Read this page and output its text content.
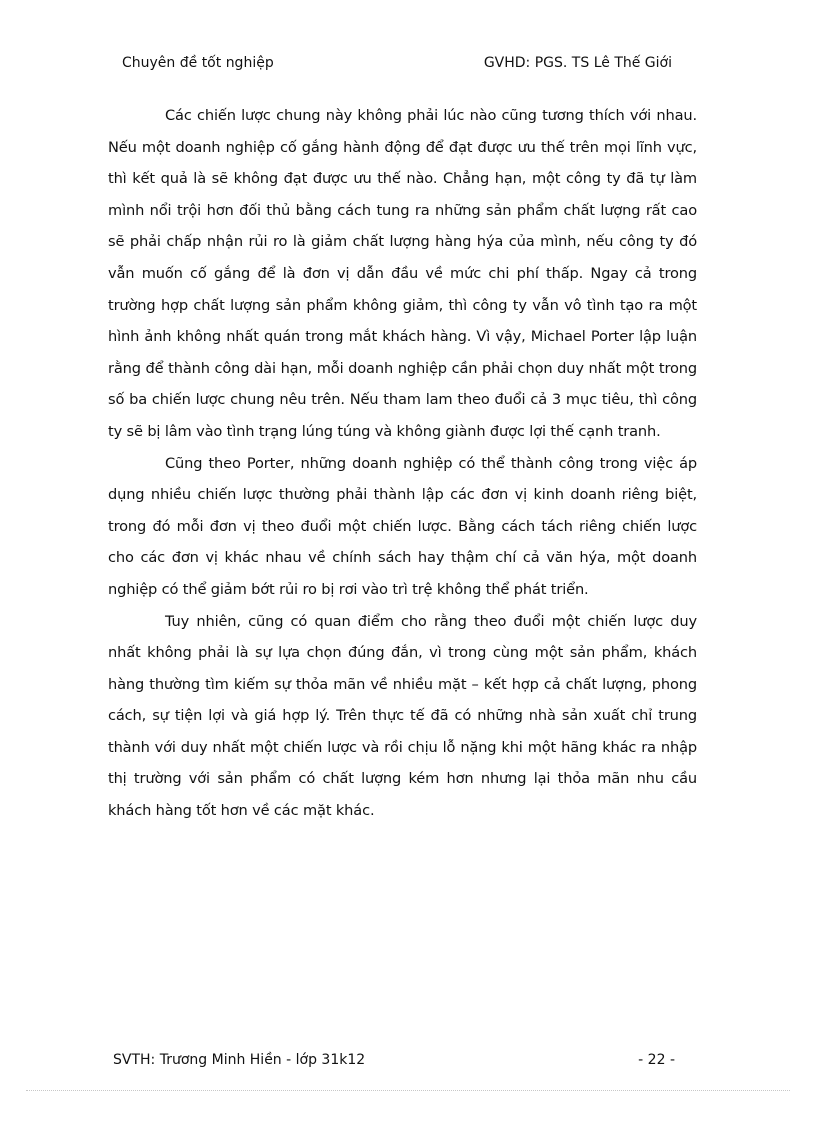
Chuyên đề tốt nghiệp	GVHD: PGS. TS Lê Thế Giới

Các chiến lược chung này không phải lúc nào cũng tương thích với nhau. Nếu một doanh nghiệp cố gắng hành động để đạt được ưu thế trên mọi lĩnh vực, thì kết quả là sẽ không đạt được ưu thế nào. Chẳng hạn, một công ty đã tự làm mình nổi trội hơn đối thủ bằng cách tung ra những sản phẩm chất lượng rất cao sẽ phải chấp nhận rủi ro là giảm chất lượng hàng hýa của mình, nếu công ty đó vẫn muốn cố gắng để là đơn vị dẫn đầu về mức chi phí thấp. Ngay cả trong trường hợp chất lượng sản phẩm không giảm, thì công ty vẫn vô tình tạo ra một hình ảnh không nhất quán trong mắt khách hàng. Vì vậy, Michael Porter lập luận rằng để thành công dài hạn, mỗi doanh nghiệp cần phải chọn duy nhất một trong số ba chiến lược chung nêu trên. Nếu tham lam theo đuổi cả 3 mục tiêu, thì công ty sẽ bị lâm vào tình trạng lúng túng và không giành được lợi thế cạnh tranh.

Cũng theo Porter, những doanh nghiệp có thể thành công trong việc áp dụng nhiều chiến lược thường phải thành lập các đơn vị kinh doanh riêng biệt, trong đó mỗi đơn vị theo đuổi một chiến lược. Bằng cách tách riêng chiến lược cho các đơn vị khác nhau về chính sách hay thậm chí cả văn hýa, một doanh nghiệp có thể giảm bớt rủi ro bị rơi vào trì trệ không thể phát triển.

Tuy nhiên, cũng có quan điểm cho rằng theo đuổi một chiến lược duy nhất không phải là sự lựa chọn đúng đắn, vì trong cùng một sản phẩm, khách hàng thường tìm kiếm sự thỏa mãn về nhiều mặt – kết hợp cả chất lượng, phong cách, sự tiện lợi và giá hợp lý. Trên thực tế đã có những nhà sản xuất chỉ trung thành với duy nhất một chiến lược và rồi chịu lỗ nặng khi một hãng khác ra nhập thị trường với sản phẩm có chất lượng kém hơn nhưng lại thỏa mãn nhu cầu khách hàng tốt hơn về các mặt khác.

SVTH: Trương Minh Hiền - lớp 31k12	- 22 -
